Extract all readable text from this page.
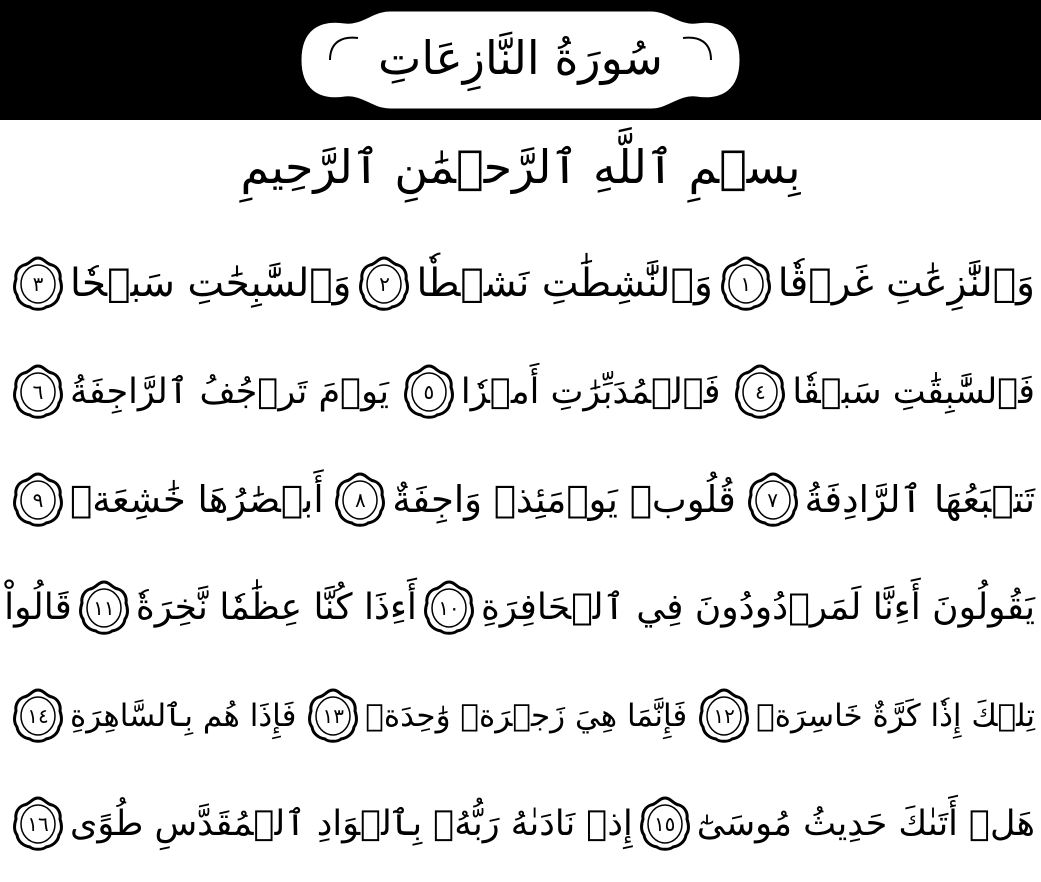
سُورَةُ النَّازِعَاتِ
بِسۡمِ ٱللَّهِ ٱلرَّحۡمَٰنِ ٱلرَّحِيمِ
وَٱلنَّٰزِعَٰتِ غَرۡقٗا
١
وَٱلنَّٰشِطَٰتِ نَشۡطٗا
٢
وَٱلسَّٰبِحَٰتِ سَبۡحٗا
٣
فَٱلسَّٰبِقَٰتِ سَبۡقٗا
٤
فَٱلۡمُدَبِّرَٰتِ أَمۡرٗا
٥
يَوۡمَ تَرۡجُفُ ٱلرَّاجِفَةُ
٦
تَتۡبَعُهَا ٱلرَّادِفَةُ
٧
قُلُوبٞ يَوۡمَئِذٖ وَاجِفَةٌ
٨
أَبۡصَٰرُهَا خَٰشِعَةٞ
٩
يَقُولُونَ أَءِنَّا لَمَرۡدُودُونَ فِي ٱلۡحَافِرَةِ
١٠
أَءِذَا كُنَّا عِظَٰمٗا نَّخِرَةٗ
١١
قَالُواْ
تِلۡكَ إِذٗا كَرَّةٌ خَاسِرَةٞ
١٢
فَإِنَّمَا هِيَ زَجۡرَةٞ وَٰحِدَةٞ
١٣
فَإِذَا هُم بِٱلسَّاهِرَةِ
١٤
هَلۡ أَتَىٰكَ حَدِيثُ مُوسَىٰٓ
١٥
إِذۡ نَادَىٰهُ رَبُّهُۥ بِٱلۡوَادِ ٱلۡمُقَدَّسِ طُوًى
١٦
